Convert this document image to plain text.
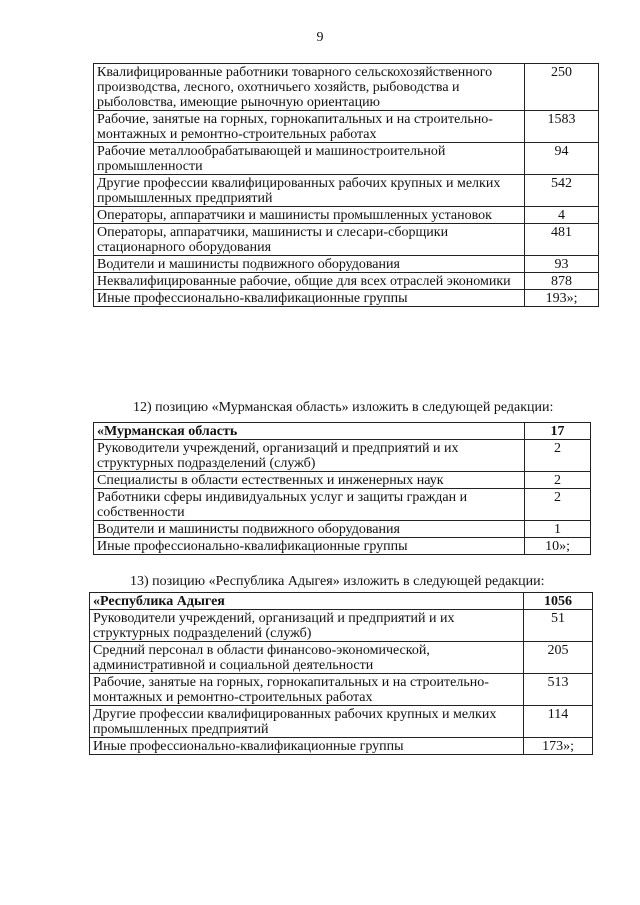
9
Квалифицированные работники товарного сельскохозяйственного производства, лесного, охотничьего хозяйств, рыбоводства и рыболовства, имеющие рыночную ориентацию	250
Рабочие, занятые на горных, горнокапитальных и на строительно-монтажных и ремонтно-строительных работах	1583
Рабочие металлообрабатывающей и машиностроительной промышленности	94
Другие профессии квалифицированных рабочих крупных и мелких промышленных предприятий	542
Операторы, аппаратчики и машинисты промышленных установок	4
Операторы, аппаратчики, машинисты и слесари-сборщики стационарного оборудования	481
Водители и машинисты подвижного оборудования	93
Неквалифицированные рабочие, общие для всех отраслей экономики	878
Иные профессионально-квалификационные группы	193»;
12) позицию «Мурманская область» изложить в следующей редакции:
«Мурманская область	17
Руководители учреждений, организаций и предприятий и их структурных подразделений (служб)	2
Специалисты в области естественных и инженерных наук	2
Работники сферы индивидуальных услуг и защиты граждан и собственности	2
Водители и машинисты подвижного оборудования	1
Иные профессионально-квалификационные группы	10»;
13) позицию «Республика Адыгея» изложить в следующей редакции:
«Республика Адыгея	1056
Руководители учреждений, организаций и предприятий и их структурных подразделений (служб)	51
Средний персонал в области финансово-экономической, административной и социальной деятельности	205
Рабочие, занятые на горных, горнокапитальных и на строительно-монтажных и ремонтно-строительных работах	513
Другие профессии квалифицированных рабочих крупных и мелких промышленных предприятий	114
Иные профессионально-квалификационные группы	173»;
